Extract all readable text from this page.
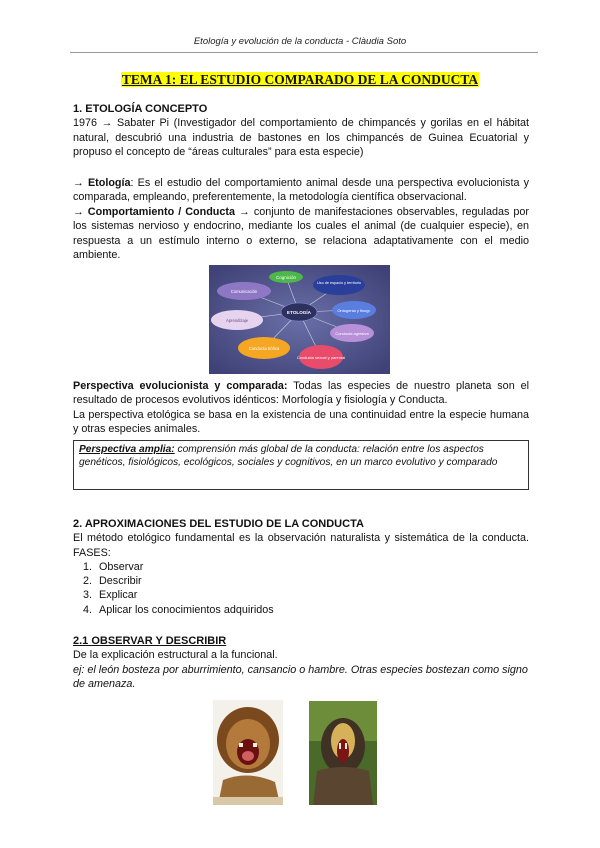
Etología y evolución de la conducta - Clàudia Soto
TEMA 1: EL ESTUDIO COMPARADO DE LA CONDUCTA
1. ETOLOGÍA CONCEPTO
1976 → Sabater Pi (Investigador del comportamiento de chimpancés y gorilas en el hábitat natural, descubrió una industria de bastones en los chimpancés de Guinea Ecuatorial y propuso el concepto de “áreas culturales” para esta especie)
→ Etología: Es el estudio del comportamiento animal desde una perspectiva evolucionista y comparada, empleando, preferentemente, la metodología científica observacional.
→ Comportamiento / Conducta → conjunto de manifestaciones observables, reguladas por los sistemas nervioso y endocrino, mediante los cuales el animal (de cualquier especie), en respuesta a un estímulo interno o externo, se relaciona adaptativamente con el medio ambiente.
ETOLOGÍA
Cognición
Uso de espacio y territorio
Comunicación
Ontogenia y fisogr.
Aprendizaje
Conducta agresiva
Conducta trófica
Conducta sexual y parental
Perspectiva evolucionista y comparada: Todas las especies de nuestro planeta son el resultado de procesos evolutivos idénticos: Morfología y fisiología y Conducta.
La perspectiva etológica se basa en la existencia de una continuidad entre la especie humana y otras especies animales.
Perspectiva amplia: comprensión más global de la conducta: relación entre los aspectos genéticos, fisiológicos, ecológicos, sociales y cognitivos, en un marco evolutivo y comparado
2. APROXIMACIONES DEL ESTUDIO DE LA CONDUCTA
El método etológico fundamental es la observación naturalista y sistemática de la conducta. FASES:
1. Observar
2. Describir
3. Explicar
4. Aplicar los conocimientos adquiridos
2.1 OBSERVAR Y DESCRIBIR
De la explicación estructural a la funcional.
ej: el león bosteza por aburrimiento, cansancio o hambre. Otras especies bostezan como signo de amenaza.
